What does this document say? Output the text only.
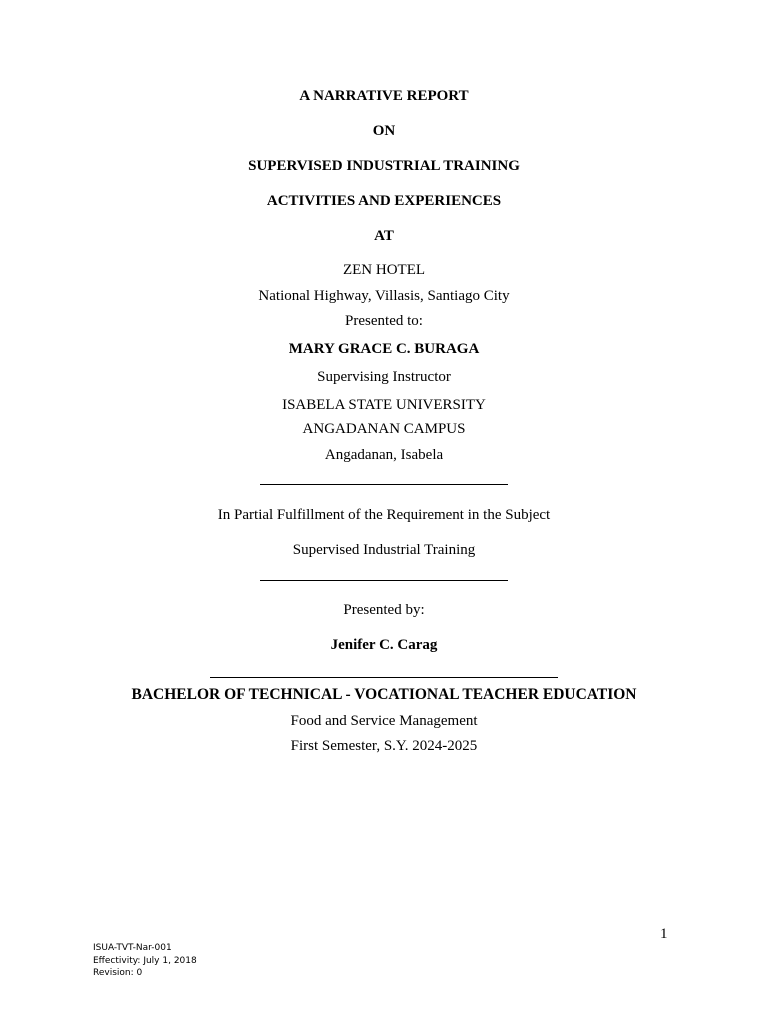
A NARRATIVE REPORT
ON
SUPERVISED INDUSTRIAL TRAINING
ACTIVITIES AND EXPERIENCES
AT
ZEN HOTEL
National Highway, Villasis, Santiago City
Presented to:
MARY GRACE C. BURAGA
Supervising Instructor
ISABELA STATE UNIVERSITY
ANGADANAN CAMPUS
Angadanan, Isabela
In Partial Fulfillment of the Requirement in the Subject
Supervised Industrial Training
Presented by:
Jenifer C. Carag
BACHELOR OF TECHNICAL - VOCATIONAL TEACHER EDUCATION
Food and Service Management
First Semester, S.Y. 2024-2025
1
ISUA-TVT-Nar-001
Effectivity: July 1, 2018
Revision: 0
